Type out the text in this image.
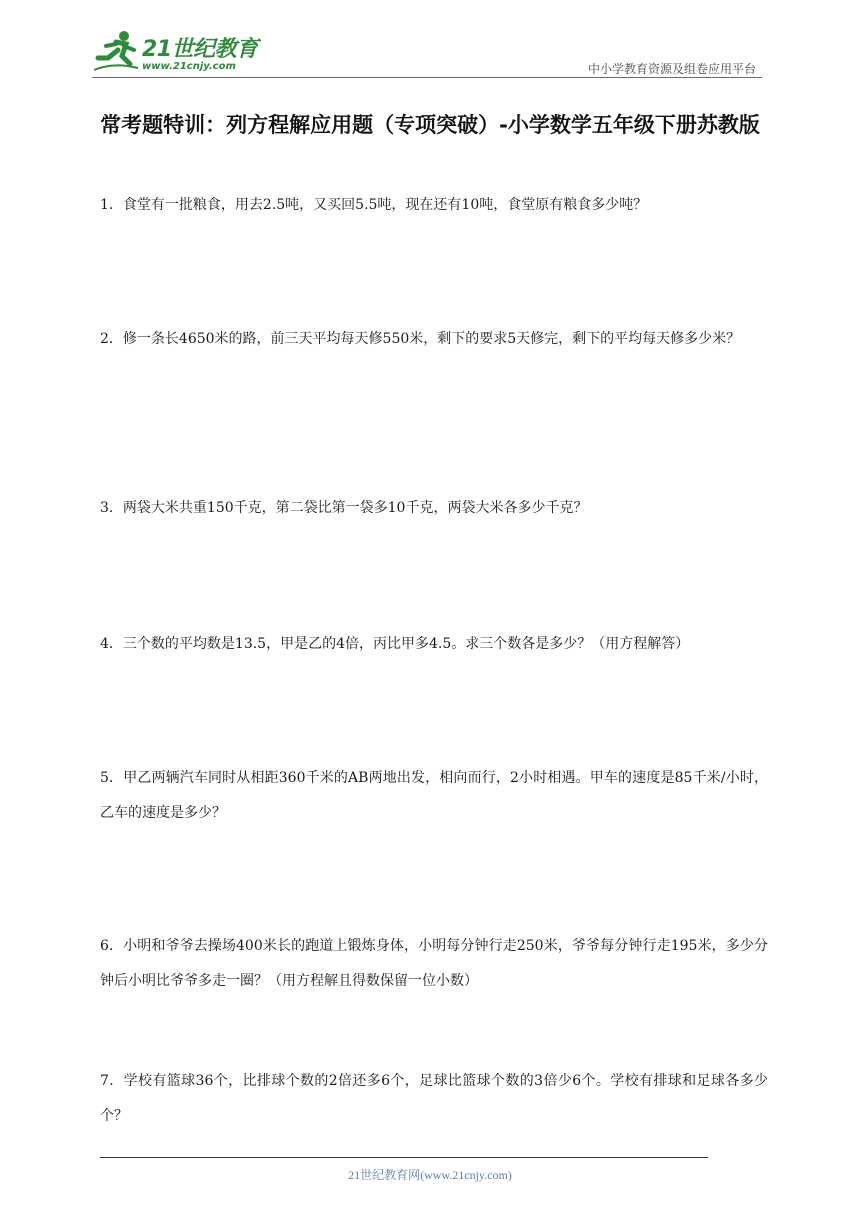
21世纪教育
www.21cnjy.com	中小学教育资源及组卷应用平台
常考题特训：列方程解应用题（专项突破）-小学数学五年级下册苏教版
1．食堂有一批粮食，用去2.5吨，又买回5.5吨，现在还有10吨，食堂原有粮食多少吨？
2．修一条长4650米的路，前三天平均每天修550米，剩下的要求5天修完，剩下的平均每天修多少米？
3．两袋大米共重150千克，第二袋比第一袋多10千克，两袋大米各多少千克？
4．三个数的平均数是13.5，甲是乙的4倍，丙比甲多4.5。求三个数各是多少？（用方程解答）
5．甲乙两辆汽车同时从相距360千米的AB两地出发，相向而行，2小时相遇。甲车的速度是85千米/小时，乙车的速度是多少？
6．小明和爷爷去操场400米长的跑道上锻炼身体，小明每分钟行走250米，爷爷每分钟行走195米，多少分钟后小明比爷爷多走一圈？（用方程解且得数保留一位小数）
7．学校有篮球36个，比排球个数的2倍还多6个，足球比篮球个数的3倍少6个。学校有排球和足球各多少个？
21世纪教育网(www.21cnjy.com)
